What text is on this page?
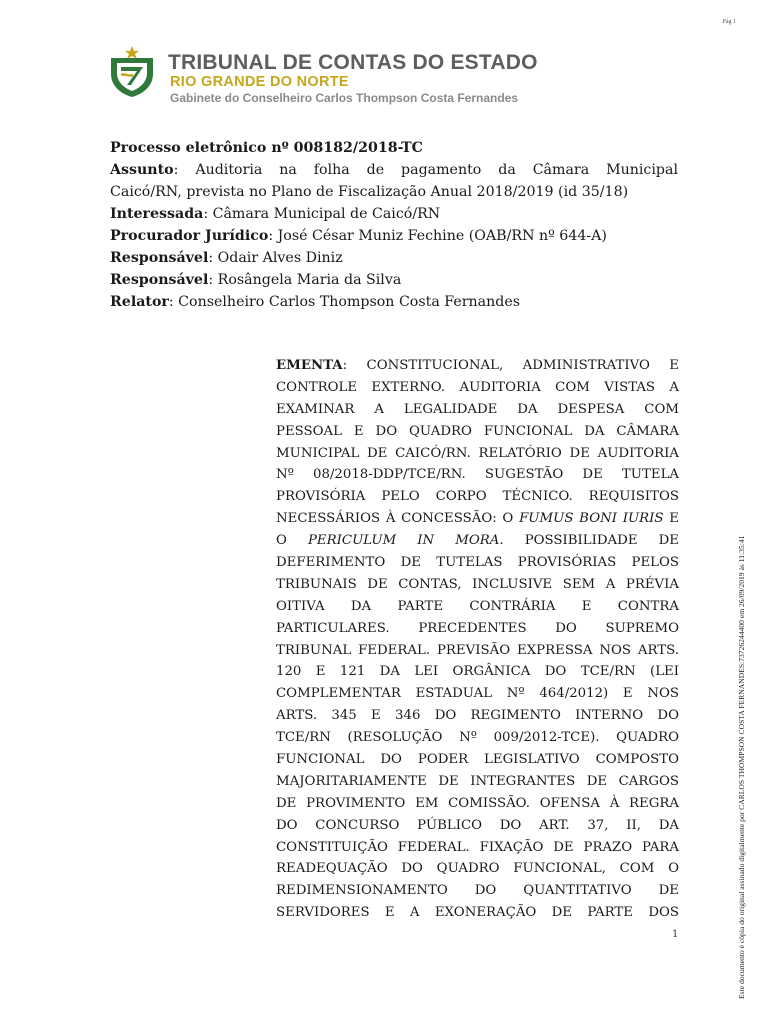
Pág 1
TRIBUNAL DE CONTAS DO ESTADO
RIO GRANDE DO NORTE
Gabinete do Conselheiro Carlos Thompson Costa Fernandes

Processo eletrônico nº 008182/2018-TC

Assunto: Auditoria na folha de pagamento da Câmara Municipal

Caicó/RN, prevista no Plano de Fiscalização Anual 2018/2019 (id 35/18)

Interessada: Câmara Municipal de Caicó/RN

Procurador Jurídico: José César Muniz Fechine (OAB/RN nº 644-A)

Responsável: Odair Alves Diniz

Responsável: Rosângela Maria da Silva

Relator: Conselheiro Carlos Thompson Costa Fernandes

EMENTA: CONSTITUCIONAL, ADMINISTRATIVO E
CONTROLE EXTERNO. AUDITORIA COM VISTAS A
EXAMINAR A LEGALIDADE DA DESPESA COM
PESSOAL E DO QUADRO FUNCIONAL DA CÂMARA
MUNICIPAL DE CAICÓ/RN. RELATÓRIO DE AUDITORIA
Nº 08/2018-DDP/TCE/RN. SUGESTÃO DE TUTELA
PROVISÓRIA PELO CORPO TÉCNICO. REQUISITOS
NECESSÁRIOS À CONCESSÃO: O FUMUS BONI IURIS E
O PERICULUM IN MORA. POSSIBILIDADE DE
DEFERIMENTO DE TUTELAS PROVISÓRIAS PELOS
TRIBUNAIS DE CONTAS, INCLUSIVE SEM A PRÉVIA
OITIVA DA PARTE CONTRÁRIA E CONTRA
PARTICULARES. PRECEDENTES DO SUPREMO
TRIBUNAL FEDERAL. PREVISÃO EXPRESSA NOS ARTS.
120 E 121 DA LEI ORGÂNICA DO TCE/RN (LEI
COMPLEMENTAR ESTADUAL Nº 464/2012) E NOS
ARTS. 345 E 346 DO REGIMENTO INTERNO DO
TCE/RN (RESOLUÇÃO Nº 009/2012-TCE). QUADRO
FUNCIONAL DO PODER LEGISLATIVO COMPOSTO
MAJORITARIAMENTE DE INTEGRANTES DE CARGOS
DE PROVIMENTO EM COMISSÃO. OFENSA À REGRA
DO CONCURSO PÚBLICO DO ART. 37, II, DA
CONSTITUIÇÃO FEDERAL. FIXAÇÃO DE PRAZO PARA
READEQUAÇÃO DO QUADRO FUNCIONAL, COM O
REDIMENSIONAMENTO DO QUANTITATIVO DE
SERVIDORES E A EXONERAÇÃO DE PARTE DOS
1	Este documento é cópia do original assinado digitalmente por CARLOS THOMPSON COSTA FERNANDES:73726244400 em 26/09/2019 às 11:35:41
